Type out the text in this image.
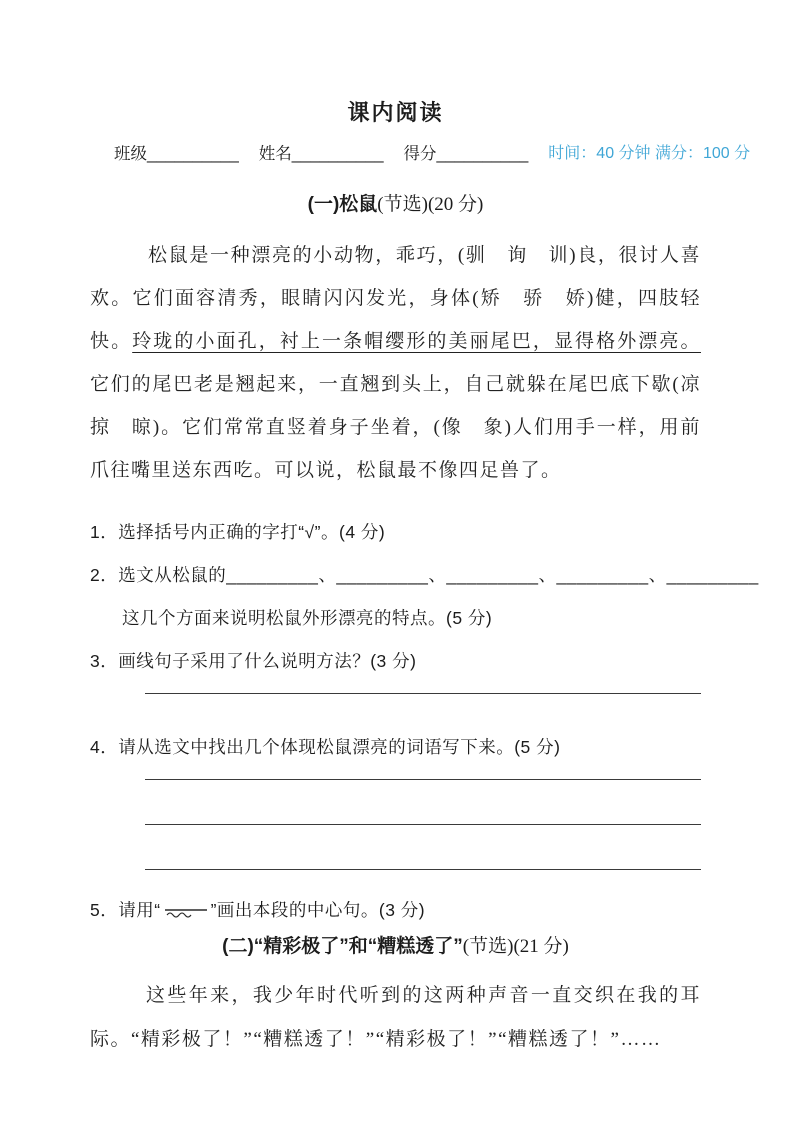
课内阅读
班级__________ 姓名__________ 得分__________ 时间：40 分钟 满分：100 分
(一)松鼠(节选)(20 分)

松鼠是一种漂亮的小动物，乖巧，(驯　询　训)良，很讨人喜欢。它们面容清秀，眼睛闪闪发光，身体(矫　骄　娇)健，四肢轻快。玲珑的小面孔，衬上一条帽缨形的美丽尾巴，显得格外漂亮。它们的尾巴老是翘起来，一直翘到头上，自己就躲在尾巴底下歇(凉　掠　晾)。它们常常直竖着身子坐着，(像　象)人们用手一样，用前爪往嘴里送东西吃。可以说，松鼠最不像四足兽了。

1．选择括号内正确的字打“√”。(4 分)
2．选文从松鼠的_________、_________、_________、_________、_________
这几个方面来说明松鼠外形漂亮的特点。(5 分)
3．画线句子采用了什么说明方法？(3 分)
4．请从选文中找出几个体现松鼠漂亮的词语写下来。(5 分)
5．请用“	”画出本段的中心句。(3 分)
(二)“精彩极了”和“糟糕透了”(节选)(21 分)

这些年来，我少年时代听到的这两种声音一直交织在我的耳际。“精彩极了！”“糟糕透了！”“精彩极了！”“糟糕透了！”……
